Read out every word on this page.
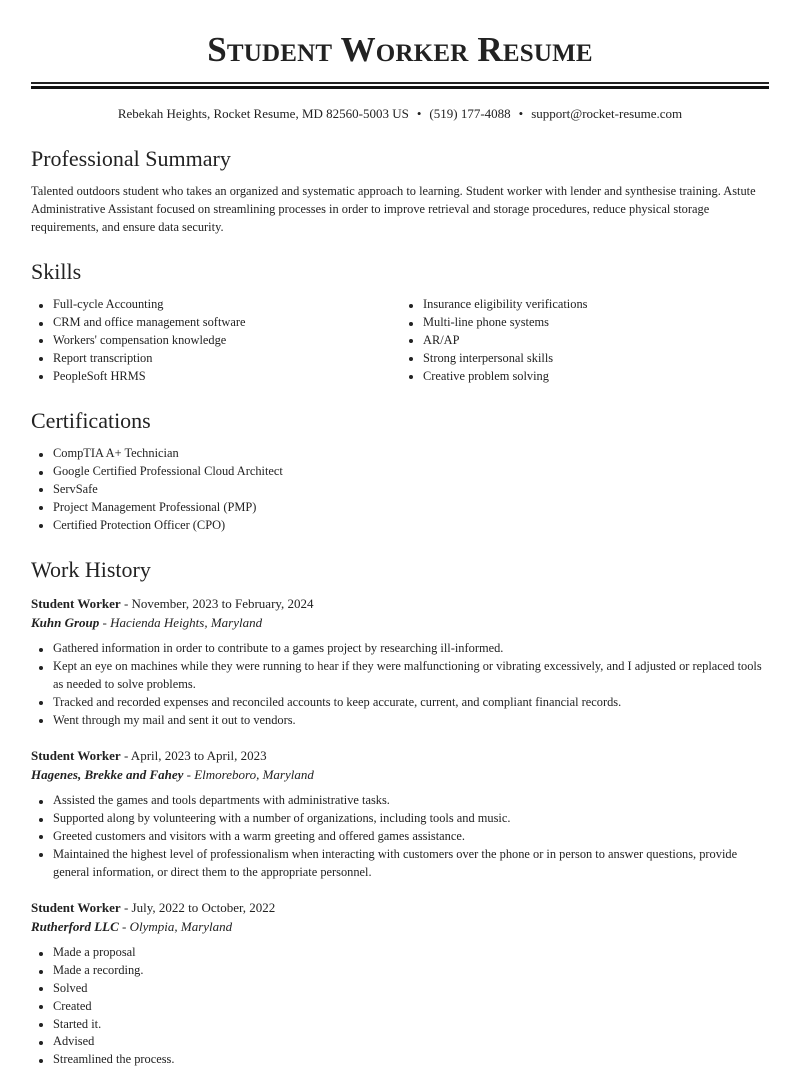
Student Worker Resume
Rebekah Heights, Rocket Resume, MD 82560-5003 US • (519) 177-4088 • support@rocket-resume.com
Professional Summary

Talented outdoors student who takes an organized and systematic approach to learning. Student worker with lender and synthesise training. Astute Administrative Assistant focused on streamlining processes in order to improve retrieval and storage procedures, reduce physical storage requirements, and ensure data security.

Skills
Full-cycle Accounting
CRM and office management software
Workers' compensation knowledge
Report transcription
PeopleSoft HRMS
Insurance eligibility verifications
Multi-line phone systems
AR/AP
Strong interpersonal skills
Creative problem solving
Certifications
CompTIA A+ Technician
Google Certified Professional Cloud Architect
ServSafe
Project Management Professional (PMP)
Certified Protection Officer (CPO)
Work History
Student Worker - November, 2023 to February, 2024
Kuhn Group - Hacienda Heights, Maryland
Gathered information in order to contribute to a games project by researching ill-informed.
Kept an eye on machines while they were running to hear if they were malfunctioning or vibrating excessively, and I adjusted or replaced tools as needed to solve problems.
Tracked and recorded expenses and reconciled accounts to keep accurate, current, and compliant financial records.
Went through my mail and sent it out to vendors.
Student Worker - April, 2023 to April, 2023
Hagenes, Brekke and Fahey - Elmoreboro, Maryland
Assisted the games and tools departments with administrative tasks.
Supported along by volunteering with a number of organizations, including tools and music.
Greeted customers and visitors with a warm greeting and offered games assistance.
Maintained the highest level of professionalism when interacting with customers over the phone or in person to answer questions, provide general information, or direct them to the appropriate personnel.
Student Worker - July, 2022 to October, 2022
Rutherford LLC - Olympia, Maryland
Made a proposal
Made a recording.
Solved
Created
Started it.
Advised
Streamlined the process.
